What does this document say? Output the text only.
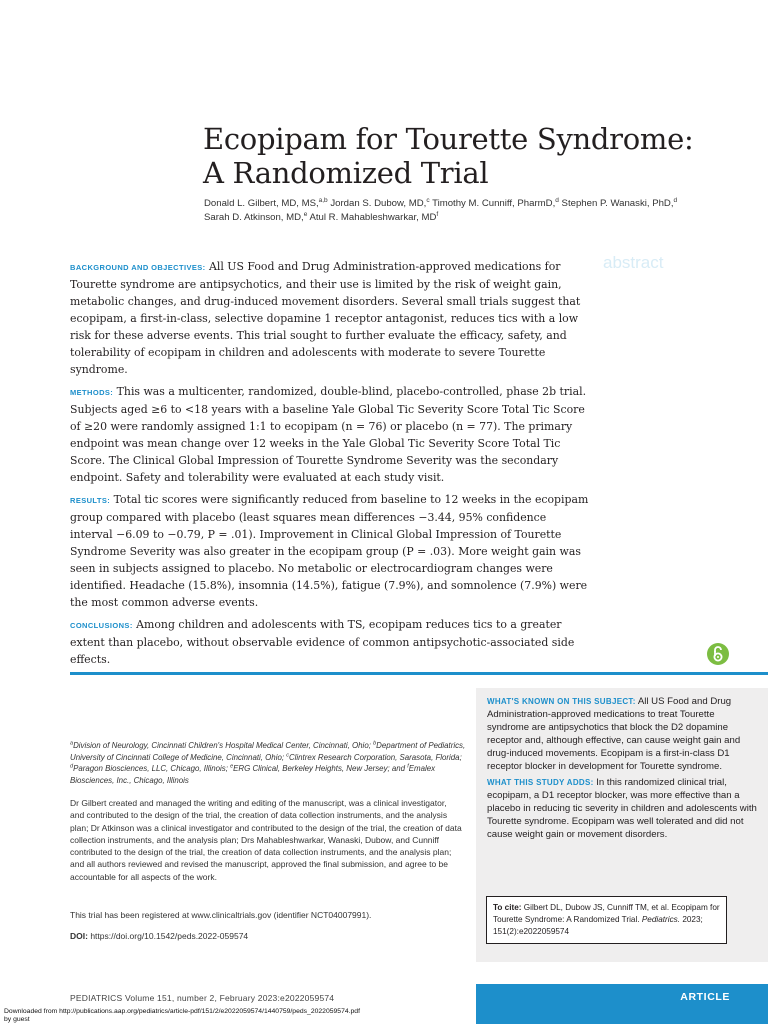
Ecopipam for Tourette Syndrome:
A Randomized Trial
Donald L. Gilbert, MD, MS,$^{a,b}$ Jordan S. Dubow, MD,$^c$ Timothy M. Cunniff, PharmD,$^d$ Stephen P. Wanaski, PhD,$^d$
Sarah D. Atkinson, MD,$^e$ Atul R. Mahableshwarkar, $MD^f$
abstract

BACKGROUND AND OBJECTIVES: All US Food and Drug Administration-approved medications for Tourette syndrome are antipsychotics, and their use is limited by the risk of weight gain, metabolic changes, and drug-induced movement disorders. Several small trials suggest that ecopipam, a first-in-class, selective dopamine 1 receptor antagonist, reduces tics with a low risk for these adverse events. This trial sought to further evaluate the efficacy, safety, and tolerability of ecopipam in children and adolescents with moderate to severe Tourette syndrome.

METHODS: This was a multicenter, randomized, double-blind, placebo-controlled, phase 2b trial. Subjects aged ≥6 to <18 years with a baseline Yale Global Tic Severity Score Total Tic Score of ≥20 were randomly assigned 1:1 to ecopipam (n = 76) or placebo (n = 77). The primary endpoint was mean change over 12 weeks in the Yale Global Tic Severity Score Total Tic Score. The Clinical Global Impression of Tourette Syndrome Severity was the secondary endpoint. Safety and tolerability were evaluated at each study visit.

RESULTS: Total tic scores were significantly reduced from baseline to 12 weeks in the ecopipam group compared with placebo (least squares mean differences −3.44, 95% confidence interval −6.09 to −0.79, P = .01). Improvement in Clinical Global Impression of Tourette Syndrome Severity was also greater in the ecopipam group (P = .03). More weight gain was seen in subjects assigned to placebo. No metabolic or electrocardiogram changes were identified. Headache (15.8%), insomnia (14.5%), fatigue (7.9%), and somnolence (7.9%) were the most common adverse events.

CONCLUSIONS: Among children and adolescents with TS, ecopipam reduces tics to a greater extent than placebo, without observable evidence of common antipsychotic-associated side effects.

WHAT'S KNOWN ON THIS SUBJECT: All US Food and Drug Administration-approved medications to treat Tourette syndrome are antipsychotics that block the D2 dopamine receptor and, although effective, can cause weight gain and drug-induced movements. Ecopipam is a first-in-class D1 receptor blocker in development for Tourette syndrome.

WHAT THIS STUDY ADDS: In this randomized clinical trial, ecopipam, a D1 receptor blocker, was more effective than a placebo in reducing tic severity in children and adolescents with Tourette syndrome. Ecopipam was well tolerated and did not cause weight gain or movement disorders.

To cite: Gilbert DL, Dubow JS, Cunniff TM, et al. Ecopipam for Tourette Syndrome: A Randomized Trial. Pediatrics. 2023; 151(2):e2022059574
$^a$Division of Neurology, Cincinnati Children's Hospital Medical Center, Cincinnati, Ohio; $^b$Department of Pediatrics, University of Cincinnati College of Medicine, Cincinnati, Ohio; $^c$Clintrex Research Corporation, Sarasota, Florida; $^d$Paragon Biosciences, LLC, Chicago, Illinois; $^e$ERG Clinical, Berkeley Heights, New Jersey; and $^f$Emalex Biosciences, Inc., Chicago, Illinois
Dr Gilbert created and managed the writing and editing of the manuscript, was a clinical investigator, and contributed to the design of the trial, the creation of data collection instruments, and the analysis plan; Dr Atkinson was a clinical investigator and contributed to the design of the trial, the creation of data collection instruments, and the analysis plan; Drs Mahableshwarkar, Wanaski, Dubow, and Cunniff contributed to the design of the trial, the creation of data collection instruments, and the analysis plan; and all authors reviewed and revised the manuscript, approved the final submission, and agree to be accountable for all aspects of the work.
This trial has been registered at www.clinicaltrials.gov (identifier NCT04007991).
DOI: https://doi.org/10.1542/peds.2022-059574
PEDIATRICS Volume 151, number 2, February 2023:e2022059574	ARTICLE
Downloaded from http://publications.aap.org/pediatrics/article-pdf/151/2/e2022059574/1440759/peds_2022059574.pdf
by guest
